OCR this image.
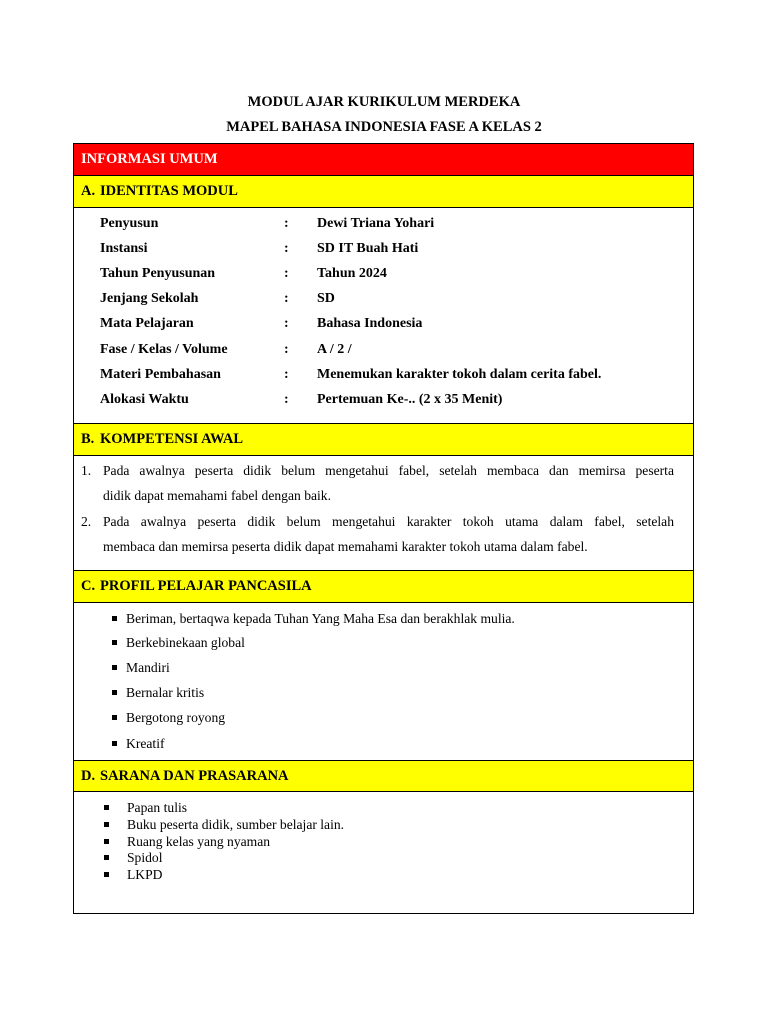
MODUL AJAR KURIKULUM MERDEKA
MAPEL BAHASA INDONESIA FASE A KELAS 2
INFORMASI UMUM
A. IDENTITAS MODUL
Penyusun	: Dewi Triana Yohari
Instansi	: SD IT Buah Hati
Tahun Penyusunan	: Tahun 2024
Jenjang Sekolah	: SD
Mata Pelajaran	: Bahasa Indonesia
Fase / Kelas / Volume	: A / 2 /
Materi Pembahasan	: Menemukan karakter tokoh dalam cerita fabel.
Alokasi Waktu	: Pertemuan Ke-.. (2 x 35 Menit)
B. KOMPETENSI AWAL
1. Pada awalnya peserta didik belum mengetahui fabel, setelah membaca dan memirsa peserta
didik dapat memahami fabel dengan baik.
2. Pada awalnya peserta didik belum mengetahui karakter tokoh utama dalam fabel, setelah
membaca dan memirsa peserta didik dapat memahami karakter tokoh utama dalam fabel.
C. PROFIL PELAJAR PANCASILA
Beriman, bertaqwa kepada Tuhan Yang Maha Esa dan berakhlak mulia.
Berkebinekaan global
Mandiri
Bernalar kritis
Bergotong royong
Kreatif
D. SARANA DAN PRASARANA
Papan tulis
Buku peserta didik, sumber belajar lain.
Ruang kelas yang nyaman
Spidol
LKPD
